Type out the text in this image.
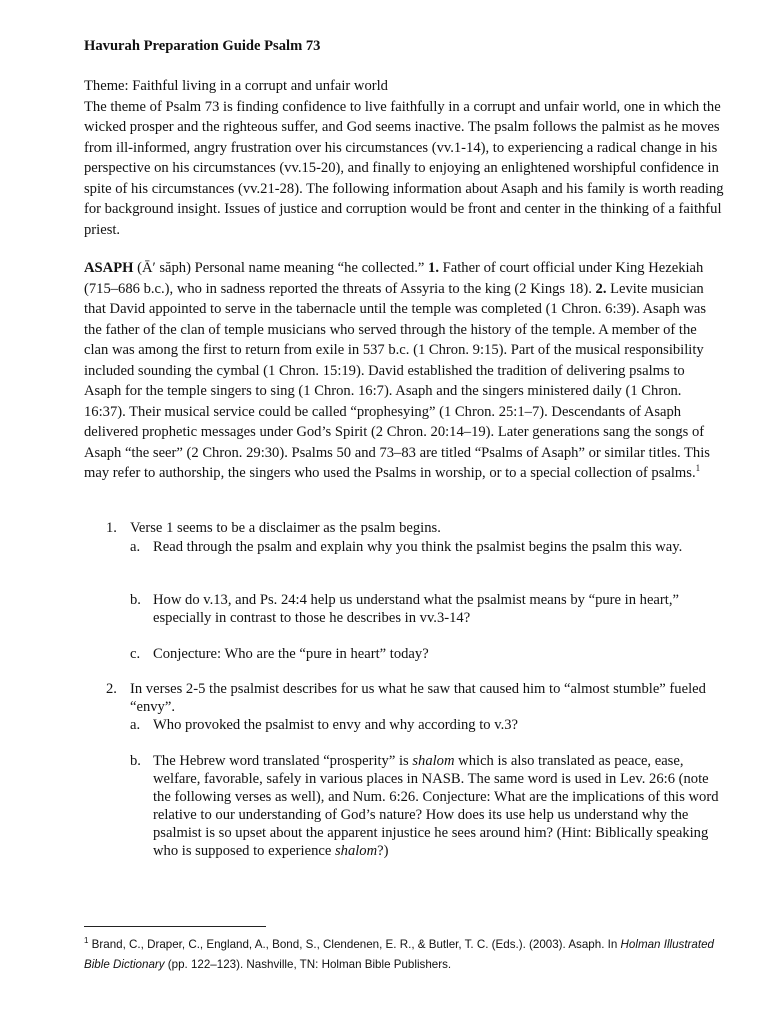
Havurah Preparation Guide Psalm 73

Theme: Faithful living in a corrupt and unfair world
The theme of Psalm 73 is finding confidence to live faithfully in a corrupt and unfair world, one in which the wicked prosper and the righteous suffer, and God seems inactive. The psalm follows the palmist as he moves from ill-informed, angry frustration over his circumstances (vv.1-14), to experiencing a radical change in his perspective on his circumstances (vv.15-20), and finally to enjoying an enlightened worshipful confidence in spite of his circumstances (vv.21-28). The following information about Asaph and his family is worth reading for background insight. Issues of justice and corruption would be front and center in the thinking of a faithful priest.

ASAPH (Ā′ săph) Personal name meaning “he collected.” 1. Father of court official under King Hezekiah (715–686 b.c.), who in sadness reported the threats of Assyria to the king (2 Kings 18). 2. Levite musician that David appointed to serve in the tabernacle until the temple was completed (1 Chron. 6:39). Asaph was the father of the clan of temple musicians who served through the history of the temple. A member of the clan was among the first to return from exile in 537 b.c. (1 Chron. 9:15). Part of the musical responsibility included sounding the cymbal (1 Chron. 15:19). David established the tradition of delivering psalms to Asaph for the temple singers to sing (1 Chron. 16:7). Asaph and the singers ministered daily (1 Chron. 16:37). Their musical service could be called “prophesying” (1 Chron. 25:1–7). Descendants of Asaph delivered prophetic messages under God’s Spirit (2 Chron. 20:14–19). Later generations sang the songs of Asaph “the seer” (2 Chron. 29:30). Psalms 50 and 73–83 are titled “Psalms of Asaph” or similar titles. This may refer to authorship, the singers who used the Psalms in worship, or to a special collection of psalms.$^1$

1. Verse 1 seems to be a disclaimer as the psalm begins.

a. Read through the psalm and explain why you think the psalmist begins the psalm this way.

b. How do v.13, and Ps. 24:4 help us understand what the psalmist means by “pure in heart,” especially in contrast to those he describes in vv.3-14?

c. Conjecture: Who are the “pure in heart” today?

2. In verses 2-5 the psalmist describes for us what he saw that caused him to “almost stumble” fueled “envy”.

a. Who provoked the psalmist to envy and why according to v.3?

b. The Hebrew word translated “prosperity” is shalom which is also translated as peace, ease, welfare, favorable, safely in various places in NASB. The same word is used in Lev. 26:6 (note the following verses as well), and Num. 6:26. Conjecture: What are the implications of this word relative to our understanding of God’s nature? How does its use help us understand why the psalmist is so upset about the apparent injustice he sees around him? (Hint: Biblically speaking who is supposed to experience shalom?)

$^1$ Brand, C., Draper, C., England, A., Bond, S., Clendenen, E. R., & Butler, T. C. (Eds.). (2003). Asaph. In Holman Illustrated Bible Dictionary (pp. 122–123). Nashville, TN: Holman Bible Publishers.
